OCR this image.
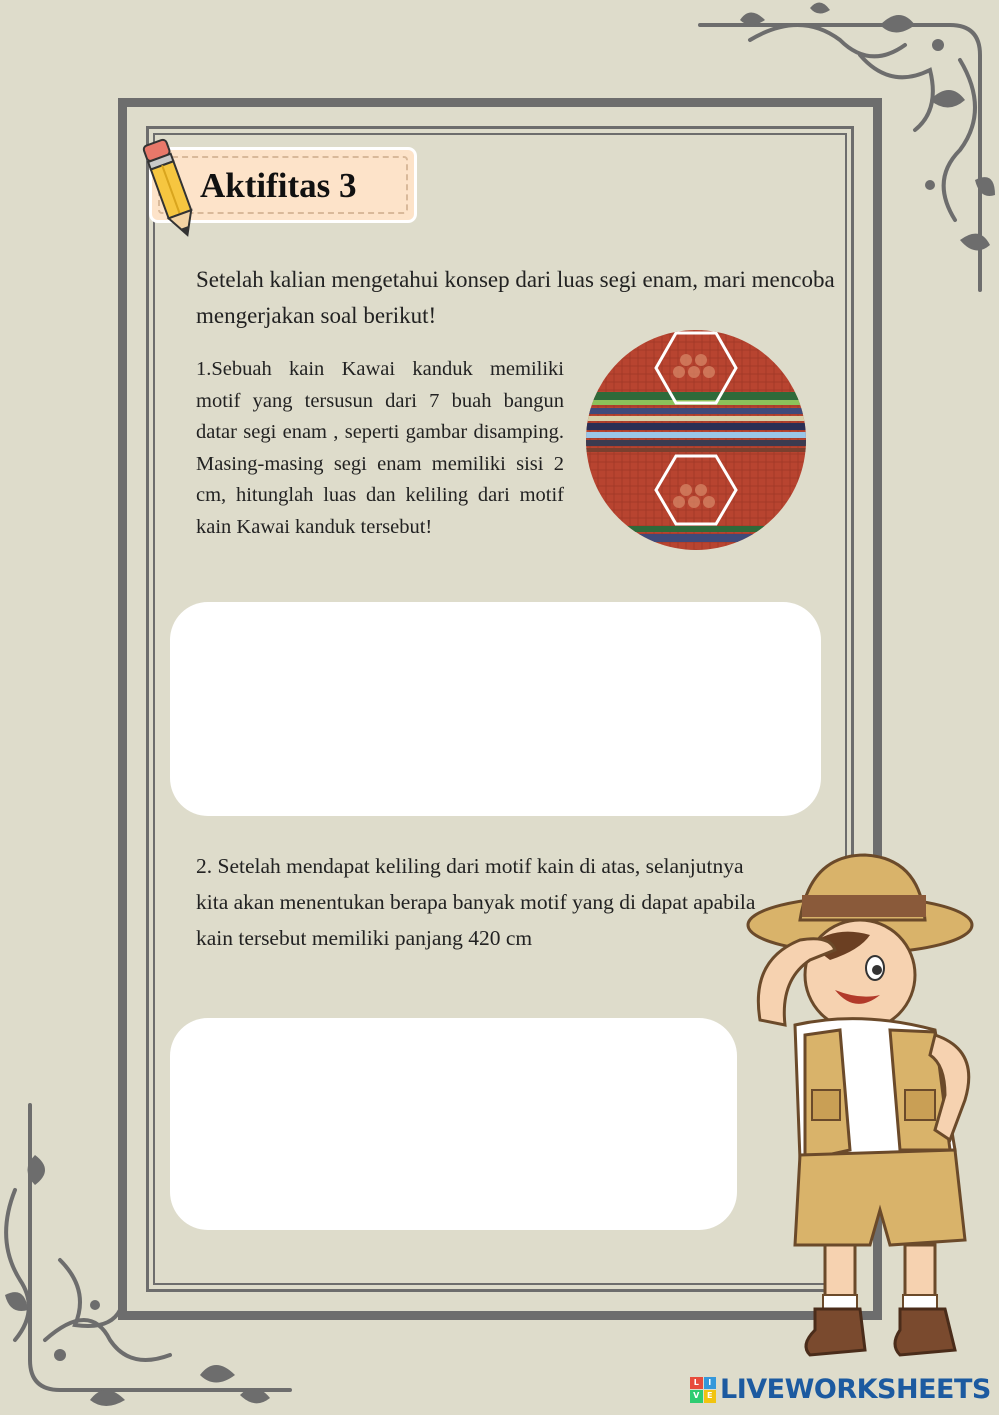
Aktifitas 3

Setelah kalian mengetahui konsep dari luas segi enam, mari mencoba mengerjakan soal berikut!

1.Sebuah kain Kawai kanduk memiliki motif yang tersusun dari 7 buah bangun datar segi enam , seperti gambar disamping. Masing-masing segi enam memiliki sisi 2 cm, hitunglah luas dan keliling dari motif kain Kawai kanduk tersebut!

2. Setelah mendapat keliling dari motif kain di atas, selanjutnya kita akan menentukan berapa banyak motif yang di dapat apabila kain tersebut memiliki panjang 420 cm

L	I
V E LIVEWORKSHEETS
